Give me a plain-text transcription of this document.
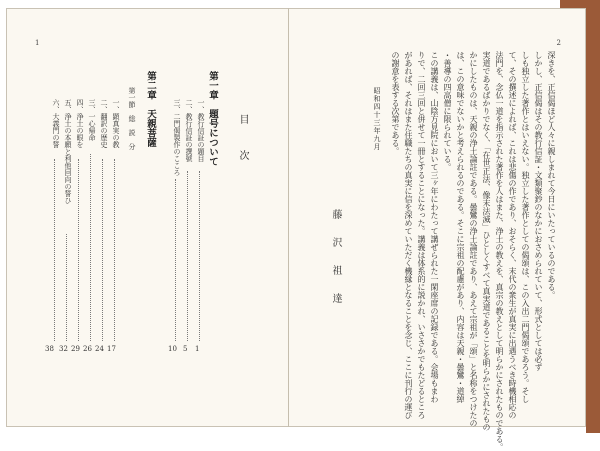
1
目　次
第一章　題号について
一、教行信証の題目
1
二、教行信証の撰號
5
三、二門偈製作のこころ
10
第二章　天親菩薩
第一節　総　説　分
一、顕真実の教
17
二、翻訳の歴史
24
三、一心帰命
26
四、浄土の眼を
29
五、浄土の本願と利他回向の誓ひ
32
六、大義門の誓
38
2
深きを、正信偈ほど人々に親しまれて今日にいたっているのである。
しかし、正信偈はその教行信証・文類聚鈔のなかにおさめられていて、形式としては必ず
しも独立した著作とはいえない。独立した著作としての偈頌は、この入出二門偈頌であろう。そし
て、その撰述によれば、これは悲傷の作であり、おそらく、末代の衆生が真実に出遇うべき時機相応の
法門を、念仏一道を指示された著作を人はまた、浄土の教えを、真宗の教えとして明らかにされたものである。
実道であるばかりでなく、「在世正法、像末法滅」ひとしくすべて真実道であることを明らかにされたもの
かにしたものは、天親の浄土論註である。曇鸞の浄土論註であり、あえて宗祖が「頌」と名称をつけたの
は、この意味でないかと考えられるのである。そこに宗祖の配慮があり、内容は天親・曇鸞・道綽
・善導の四高僧に限られている。
この講義は、山陰方見院において三ヶ年にわたって講ぜられた一閑座席の記録である。会場もまわ
りで、二回三回と併せて一冊とすることになった。講義は体系的に説かれ、いささかでもたどるところ
があれば、それはまた住職たちの真実に信を深めていただく機縁となることを念じ、ここに刊行の運び
の謝意を表する次第である。
昭和四十三年九月
藤　沢　祖　達
